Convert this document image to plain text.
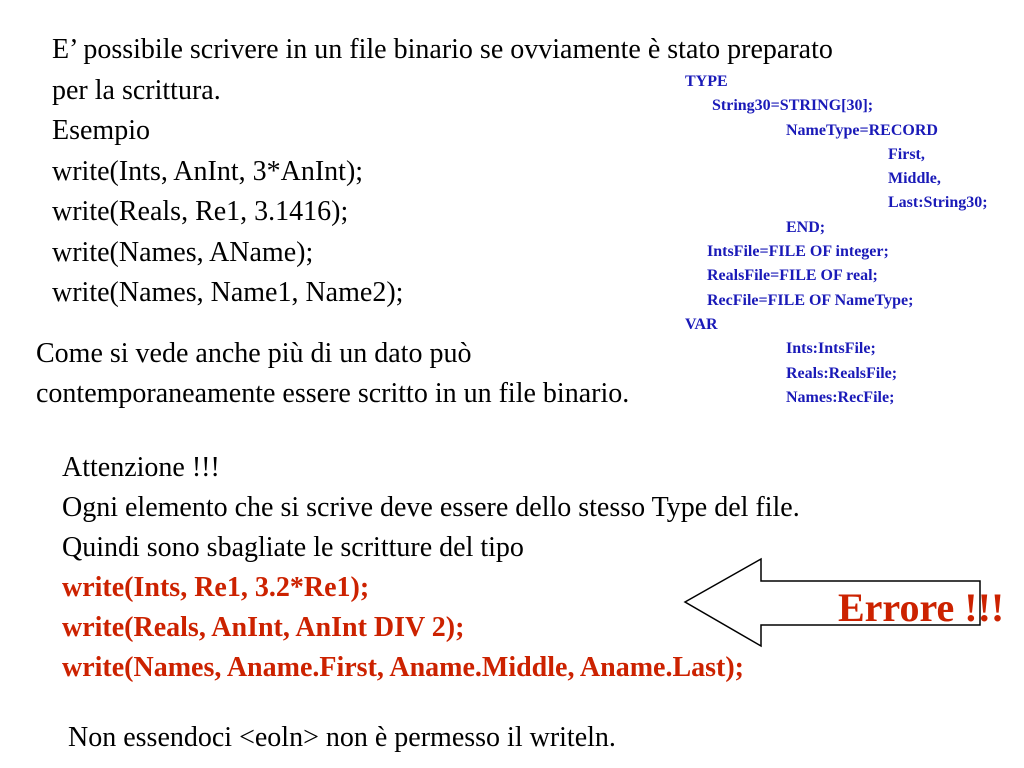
E’ possibile scrivere in un file binario se ovviamente è stato preparato
per la scrittura.
Esempio
write(Ints, AnInt, 3*AnInt);
write(Reals, Re1, 3.1416);
write(Names, AName);
write(Names, Name1, Name2);
TYPE
String30=STRING[30];
NameType=RECORD
First,
Middle,
Last:String30;
END;
IntsFile=FILE OF integer;
RealsFile=FILE OF real;
RecFile=FILE OF NameType;
VAR
Ints:IntsFile;
Reals:RealsFile;
Names:RecFile;
Come si vede anche più di un dato può
contemporaneamente essere scritto in un file binario.
Attenzione !!!
Ogni elemento che si scrive deve essere dello stesso Type del file.
Quindi sono sbagliate le scritture del tipo
write(Ints, Re1, 3.2*Re1);
write(Reals, AnInt, AnInt DIV 2);
write(Names, Aname.First, Aname.Middle, Aname.Last);
Errore !!!
Non essendoci <eoln> non è permesso il writeln.
